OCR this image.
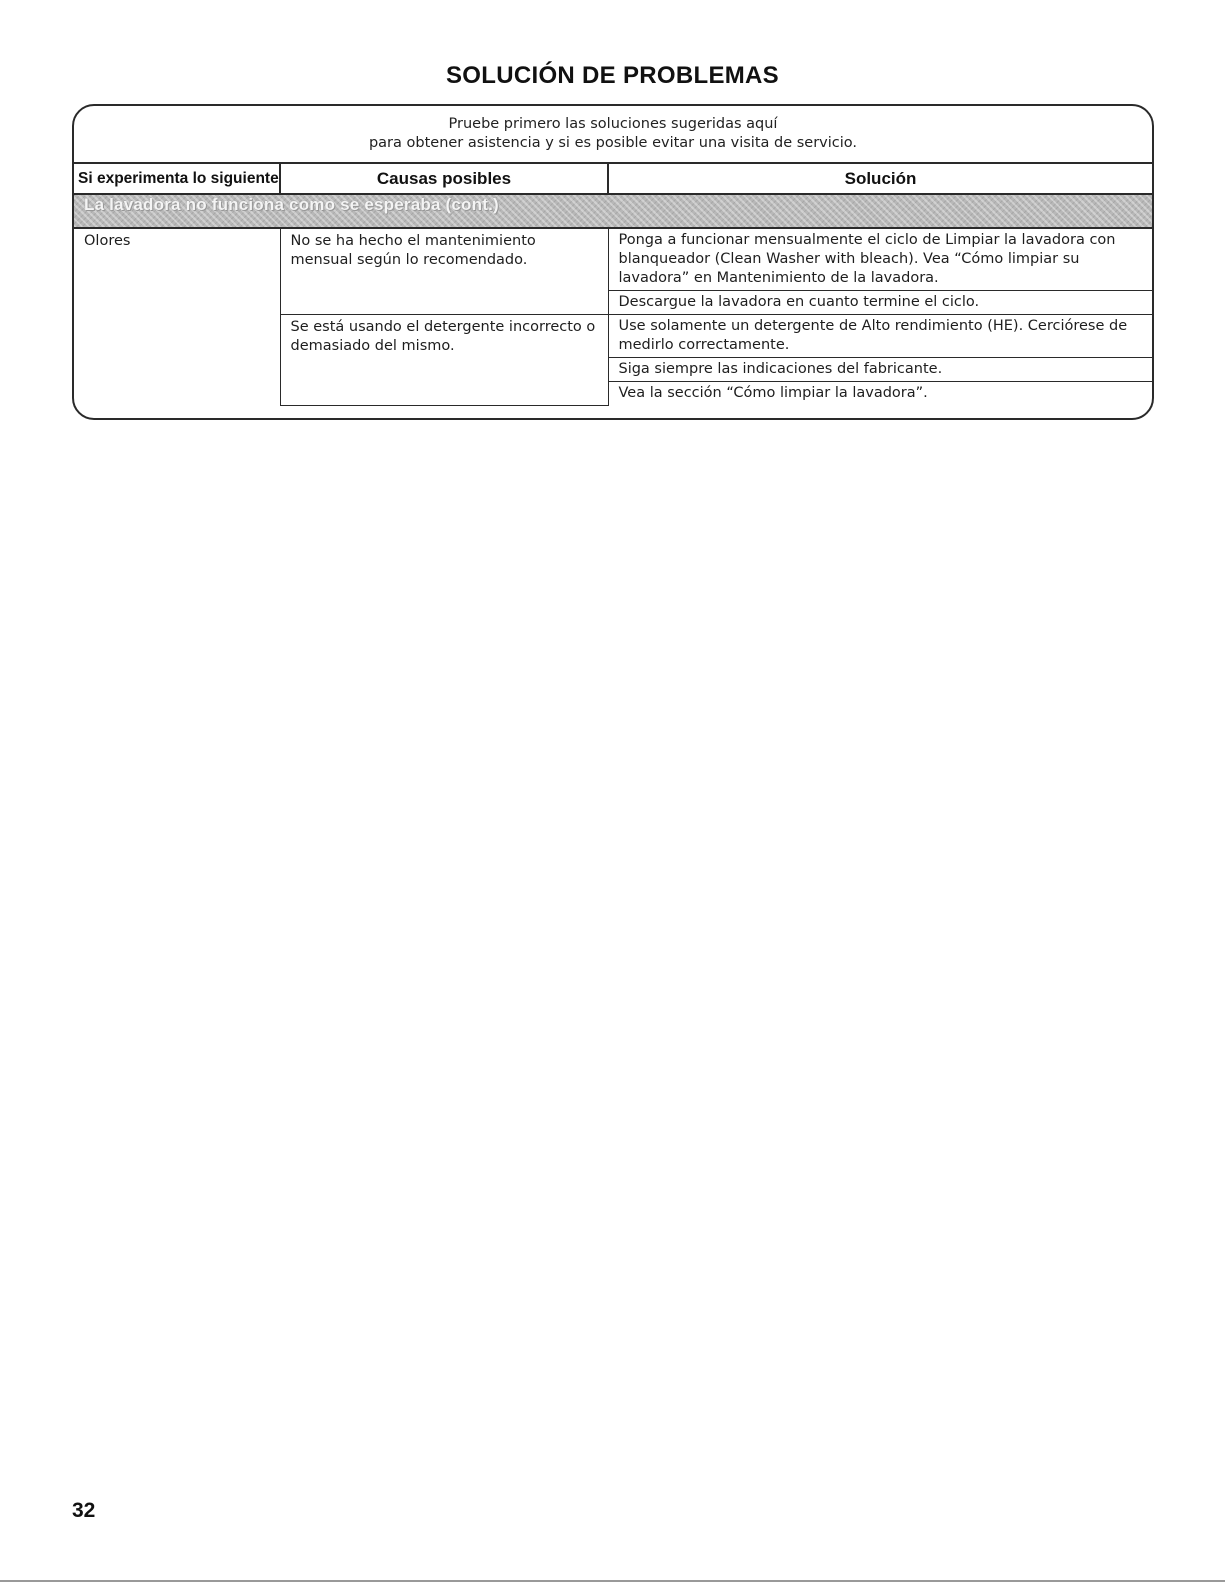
SOLUCIÓN DE PROBLEMAS
Pruebe primero las soluciones sugeridas aquí
para obtener asistencia y si es posible evitar una visita de servicio.
Si experimenta lo siguiente	Causas posibles	Solución
La lavadora no funciona como se esperaba (cont.)		
Olores	No se ha hecho el mantenimiento mensual según lo recomendado.	Ponga a funcionar mensualmente el ciclo de Limpiar la lavadora con blanqueador (Clean Washer with bleach). Vea “Cómo limpiar su lavadora” en Mantenimiento de la lavadora.
		Descargue la lavadora en cuanto termine el ciclo.
	Se está usando el detergente incorrecto o demasiado del mismo.	Use solamente un detergente de Alto rendimiento (HE). Cerciórese de medirlo correctamente.
		Siga siempre las indicaciones del fabricante.
		Vea la sección “Cómo limpiar la lavadora”.
32
